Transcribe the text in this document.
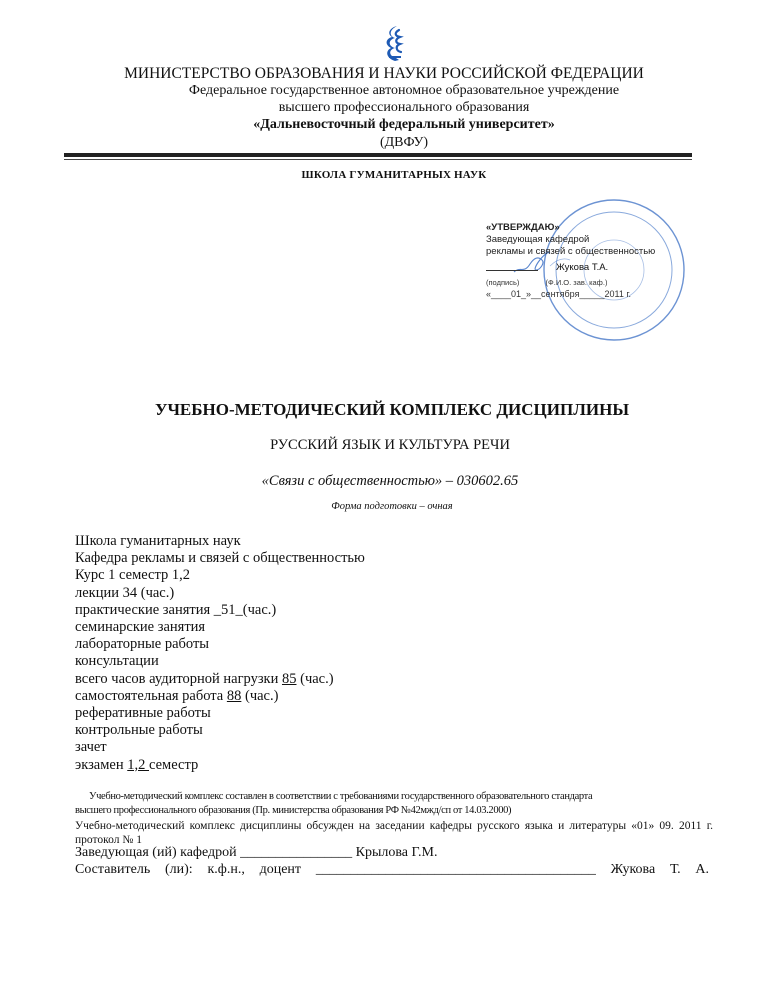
МИНИСТЕРСТВО ОБРАЗОВАНИЯ И НАУКИ РОССИЙСКОЙ ФЕДЕРАЦИИ
Федеральное государственное автономное образовательное учреждение
высшего профессионального образования
«Дальневосточный федеральный университет»
(ДВФУ)
ШКОЛА ГУМАНИТАРНЫХ НАУК
«УТВЕРЖДАЮ»
Заведующая кафедрой
рекламы и связей с общественностью
Жукова Т.А.
(подпись)	(Ф.И.О. зав. каф.)
«____01_»__сентября_____2011 г.
УЧЕБНО-МЕТОДИЧЕСКИЙ КОМПЛЕКС ДИСЦИПЛИНЫ
РУССКИЙ ЯЗЫК И КУЛЬТУРА РЕЧИ
«Связи с общественностью» – 030602.65
Форма подготовки – очная
Школа гуманитарных наук
Кафедра рекламы и связей с общественностью
Курс 1 семестр 1,2
лекции 34 (час.)
практические занятия _51_(час.)
семинарские занятия
лабораторные работы
консультации
всего часов аудиторной нагрузки 85 (час.)
самостоятельная работа 88 (час.)
реферативные работы
контрольные работы
зачет
экзамен 1,2 семестр
Учебно-методический комплекс составлен в соответствии с требованиями государственного образовательного стандарта
высшего профессионального образования (Пр. министерства образования РФ №42мжд/сп от 14.03.2000)
Учебно-методический комплекс дисциплины обсужден на заседании кафедры русского языка и литературы «01» 09. 2011 г. протокол № 1
Заведующая (ий) кафедрой ________________ Крылова Г.М.
Составитель (ли): к.ф.н., доцент ________________________________________ Жукова Т. А.
